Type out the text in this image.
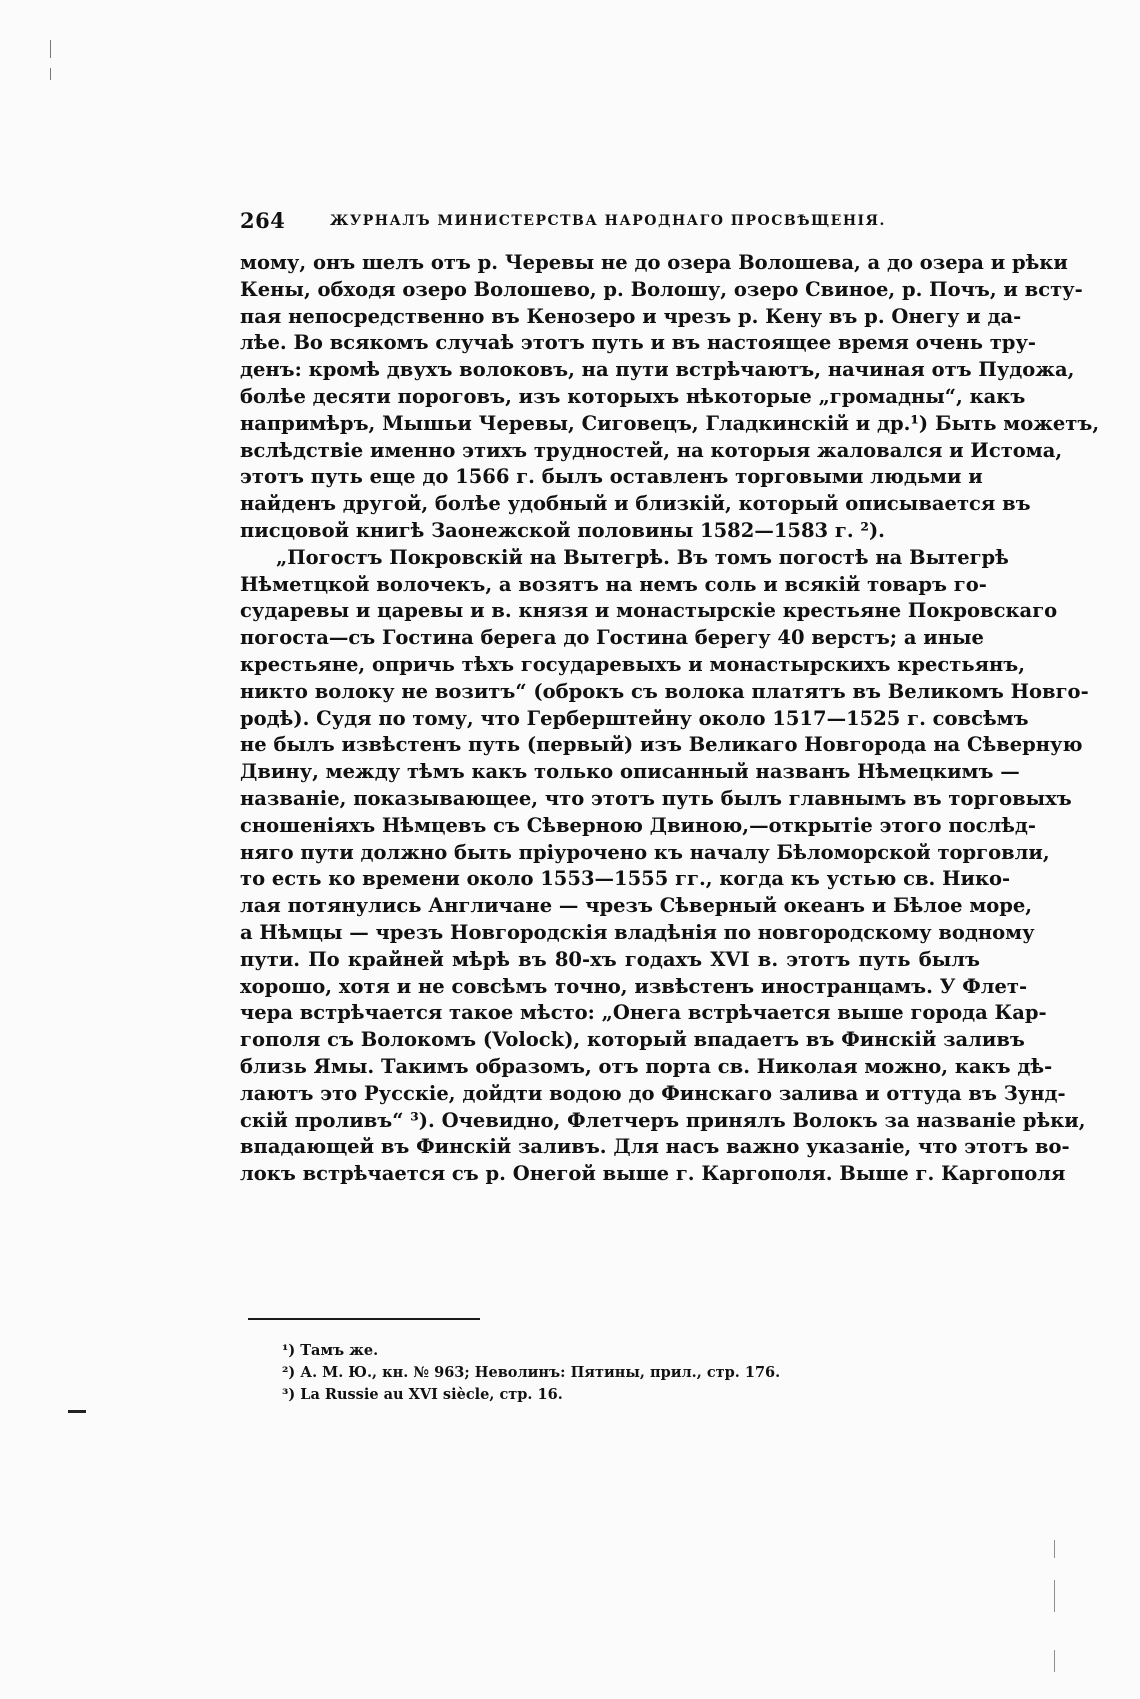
264	ЖУРНАЛЪ МИНИСТЕРСТВА НАРОДНАГО ПРОСВѢЩЕНІЯ.
мому, онъ шелъ отъ р. Черевы не до озера Волошева, а до озера и рѣки
Кены, обходя озеро Волошево, р. Волошу, озеро Свиное, р. Почъ, и всту-
пая непосредственно въ Кенозеро и чрезъ р. Кену въ р. Онегу и да-
лѣе. Во всякомъ случаѣ этотъ путь и въ настоящее время очень тру-
денъ: кромѣ двухъ волоковъ, на пути встрѣчаютъ, начиная отъ Пудожа,
болѣе десяти пороговъ, изъ которыхъ нѣкоторые „громадны“, какъ
напримѣръ, Мышьи Черевы, Сиговецъ, Гладкинскій и др.¹) Быть можетъ,
вслѣдствіе именно этихъ трудностей, на которыя жаловался и Истома,
этотъ путь еще до 1566 г. былъ оставленъ торговыми людьми и
найденъ другой, болѣе удобный и близкій, который описывается въ
писцовой книгѣ Заонежской половины 1582—1583 г. ²).
„Погостъ Покровскій на Вытегрѣ. Въ томъ погостѣ на Вытегрѣ
Нѣметцкой волочекъ, а возятъ на немъ соль и всякій товаръ го-
сударевы и царевы и в. князя и монастырскіе крестьяне Покровскаго
погоста—съ Гостина берега до Гостина берегу 40 верстъ; а иные
крестьяне, опричь тѣхъ государевыхъ и монастырскихъ крестьянъ,
никто волоку не возитъ“ (оброкъ съ волока платятъ въ Великомъ Новго-
родѣ). Судя по тому, что Герберштейну около 1517—1525 г. совсѣмъ
не былъ извѣстенъ путь (первый) изъ Великаго Новгорода на Сѣверную
Двину, между тѣмъ какъ только описанный названъ Нѣмецкимъ —
названіе, показывающее, что этотъ путь былъ главнымъ въ торговыхъ
сношеніяхъ Нѣмцевъ съ Сѣверною Двиною,—открытіе этого послѣд-
няго пути должно быть пріурочено къ началу Бѣломорской торговли,
то есть ко времени около 1553—1555 гг., когда къ устью св. Нико-
лая потянулись Англичане — чрезъ Сѣверный океанъ и Бѣлое море,
а Нѣмцы — чрезъ Новгородскія владѣнія по новгородскому водному
пути. По крайней мѣрѣ въ 80-хъ годахъ XVI в. этотъ путь былъ
хорошо, хотя и не совсѣмъ точно, извѣстенъ иностранцамъ. У Флет-
чера встрѣчается такое мѣсто: „Онега встрѣчается выше города Кар-
гополя съ Волокомъ (Volock), который впадаетъ въ Финскій заливъ
близь Ямы. Такимъ образомъ, отъ порта св. Николая можно, какъ дѣ-
лаютъ это Русскіе, дойдти водою до Финскаго залива и оттуда въ Зунд-
скій проливъ“ ³). Очевидно, Флетчеръ принялъ Волокъ за названіе рѣки,
впадающей въ Финскій заливъ. Для насъ важно указаніе, что этотъ во-
локъ встрѣчается съ р. Онегой выше г. Каргополя. Выше г. Каргополя
¹) Тамъ же.
²) А. М. Ю., кн. № 963; Неволинъ: Пятины, прил., стр. 176.
³) La Russie au XVI siècle, стр. 16.
